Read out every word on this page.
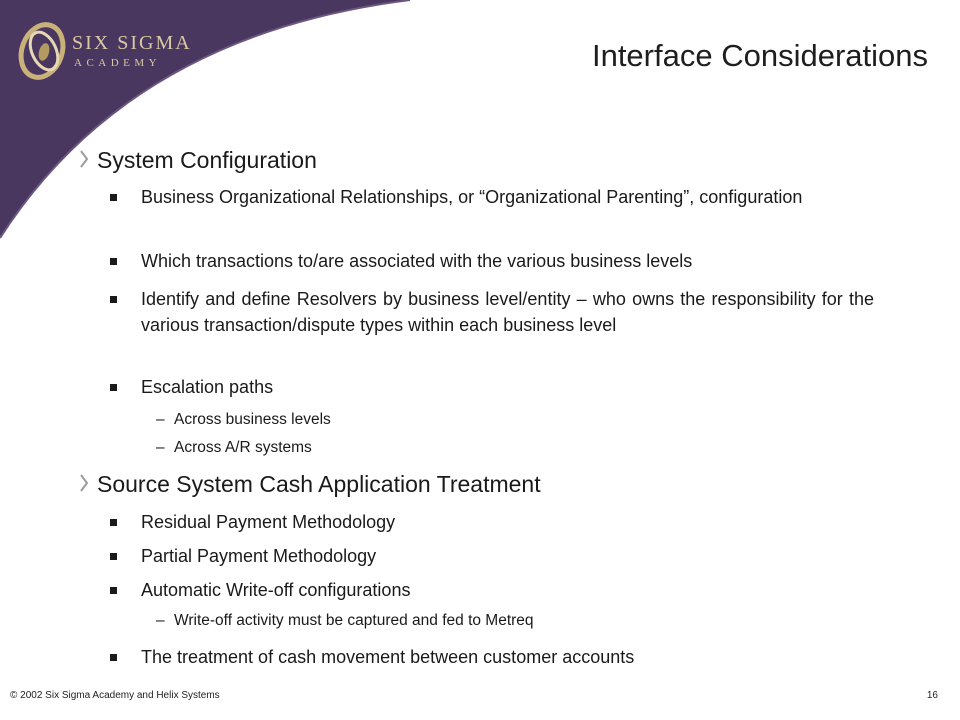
SIX SIGMA
ACADEMY	Interface Considerations
System Configuration
Business Organizational Relationships, or “Organizational Parenting”, configuration
Which transactions to/are associated with the various business levels
Identify and define Resolvers by business level/entity – who owns the responsibility for the various transaction/dispute types within each business level
Escalation paths
– Across business levels
– Across A/R systems
Source System Cash Application Treatment
Residual Payment Methodology
Partial Payment Methodology
Automatic Write-off configurations
– Write-off activity must be captured and fed to Metreq
The treatment of cash movement between customer accounts
© 2002 Six Sigma Academy and Helix Systems	16
